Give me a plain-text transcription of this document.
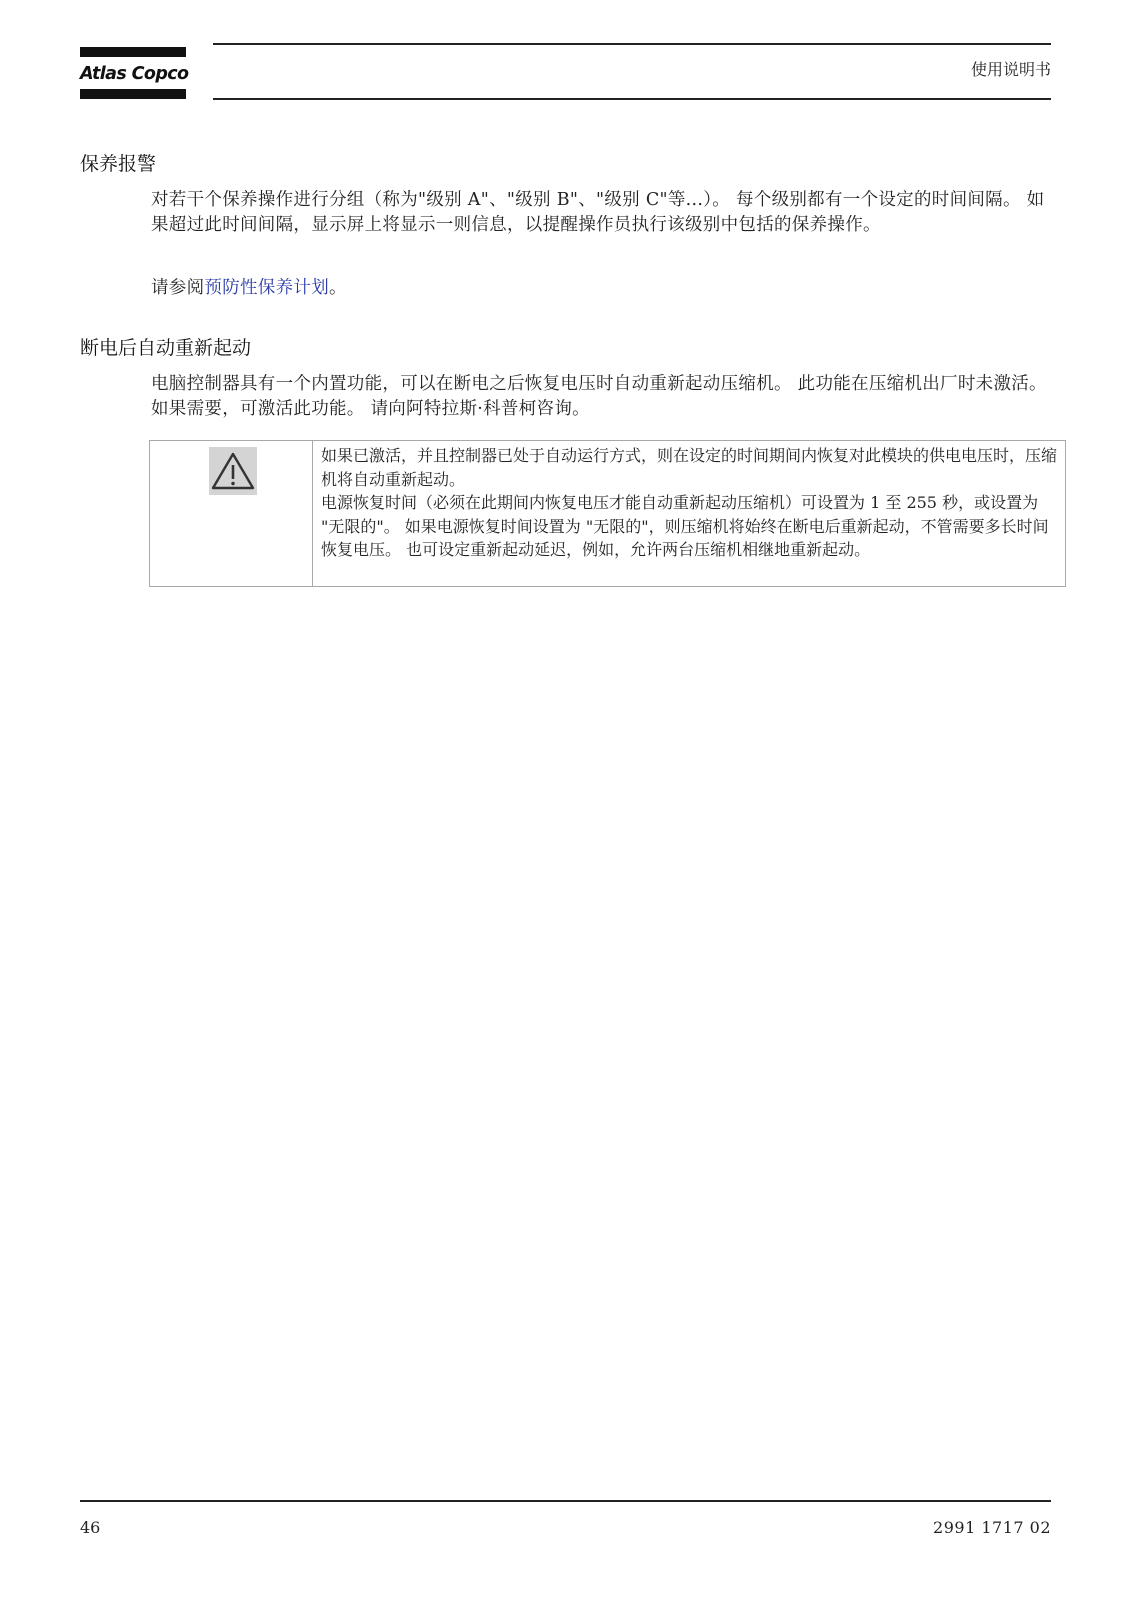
Atlas Copco	使用说明书
保养报警
对若干个保养操作进行分组（称为"级别 A"、"级别 B"、"级别 C"等...）。 每个级别都有一个设定的时间间隔。 如果超过此时间间隔，显示屏上将显示一则信息，以提醒操作员执行该级别中包括的保养操作。
请参阅预防性保养计划。
断电后自动重新起动
电脑控制器具有一个内置功能，可以在断电之后恢复电压时自动重新起动压缩机。 此功能在压缩机出厂时未激活。 如果需要，可激活此功能。 请向阿特拉斯·科普柯咨询。

如果已激活，并且控制器已处于自动运行方式，则在设定的时间期间内恢复对此模块的供电电压时，压缩机将自动重新起动。

电源恢复时间（必须在此期间内恢复电压才能自动重新起动压缩机）可设置为 1 至 255 秒，或设置为 "无限的"。 如果电源恢复时间设置为 "无限的"，则压缩机将始终在断电后重新起动，不管需要多长时间恢复电压。 也可设定重新起动延迟，例如，允许两台压缩机相继地重新起动。

46	2991 1717 02
